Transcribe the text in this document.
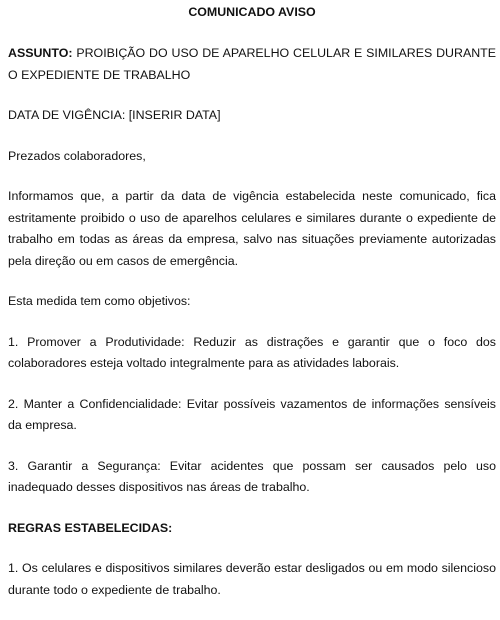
COMUNICADO AVISO

ASSUNTO: PROIBIÇÃO DO USO DE APARELHO CELULAR E SIMILARES DURANTE O EXPEDIENTE DE TRABALHO

DATA DE VIGÊNCIA: [INSERIR DATA]

Prezados colaboradores,

Informamos que, a partir da data de vigência estabelecida neste comunicado, fica estritamente proibido o uso de aparelhos celulares e similares durante o expediente de trabalho em todas as áreas da empresa, salvo nas situações previamente autorizadas pela direção ou em casos de emergência.

Esta medida tem como objetivos:

1. Promover a Produtividade: Reduzir as distrações e garantir que o foco dos colaboradores esteja voltado integralmente para as atividades laborais.

2. Manter a Confidencialidade: Evitar possíveis vazamentos de informações sensíveis da empresa.

3. Garantir a Segurança: Evitar acidentes que possam ser causados pelo uso inadequado desses dispositivos nas áreas de trabalho.

REGRAS ESTABELECIDAS:

1. Os celulares e dispositivos similares deverão estar desligados ou em modo silencioso durante todo o expediente de trabalho.
